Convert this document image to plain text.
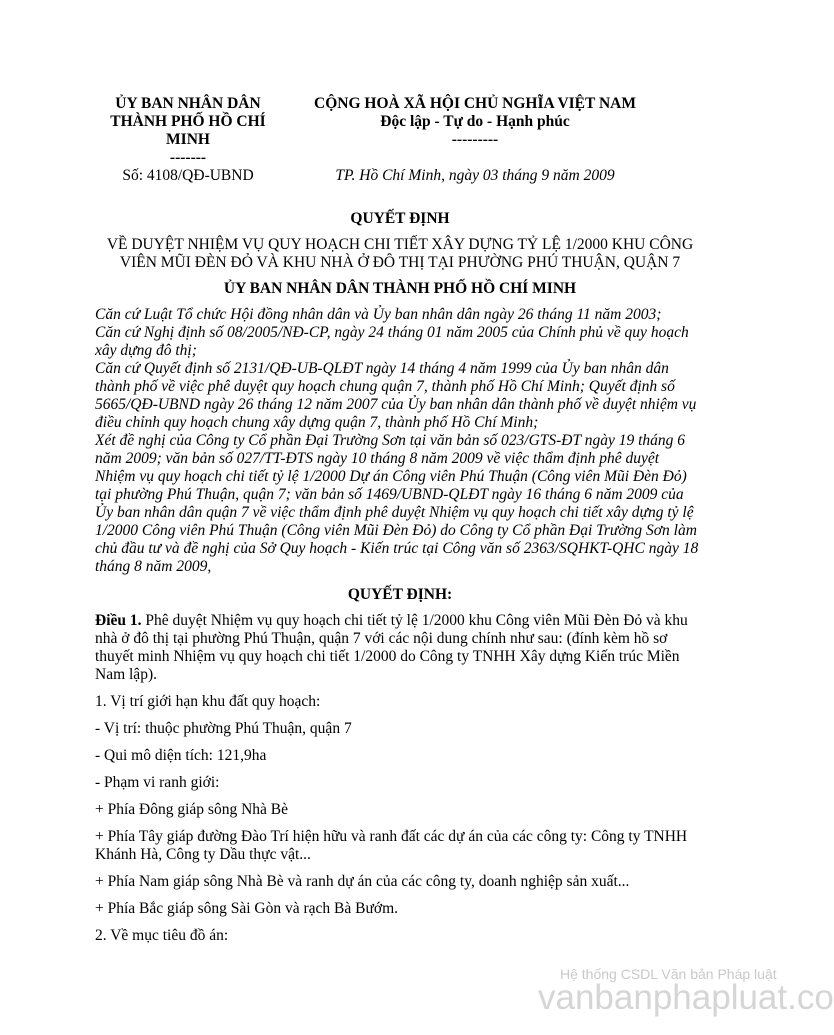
ỦY BAN NHÂN DÂN
THÀNH PHỐ HỒ CHÍ
MINH
-------
Số: 4108/QĐ-UBND
CỘNG HOÀ XÃ HỘI CHỦ NGHĨA VIỆT NAM
Độc lập - Tự do - Hạnh phúc
---------
TP. Hồ Chí Minh, ngày 03 tháng 9 năm 2009
QUYẾT ĐỊNH
VỀ DUYỆT NHIỆM VỤ QUY HOẠCH CHI TIẾT XÂY DỰNG TỶ LỆ 1/2000 KHU CÔNG
VIÊN MŨI ĐÈN ĐỎ VÀ KHU NHÀ Ở ĐÔ THỊ TẠI PHƯỜNG PHÚ THUẬN, QUẬN 7
ỦY BAN NHÂN DÂN THÀNH PHỐ HỒ CHÍ MINH

Căn cứ Luật Tổ chức Hội đồng nhân dân và Ủy ban nhân dân ngày 26 tháng 11 năm 2003;

Căn cứ Nghị định số 08/2005/NĐ-CP, ngày 24 tháng 01 năm 2005 của Chính phủ về quy hoạch xây dựng đô thị;

Căn cứ Quyết định số 2131/QĐ-UB-QLĐT ngày 14 tháng 4 năm 1999 của Ủy ban nhân dân thành phố về việc phê duyệt quy hoạch chung quận 7, thành phố Hồ Chí Minh; Quyết định số 5665/QĐ-UBND ngày 26 tháng 12 năm 2007 của Ủy ban nhân dân thành phố về duyệt nhiệm vụ điều chỉnh quy hoạch chung xây dựng quận 7, thành phố Hồ Chí Minh;

Xét đề nghị của Công ty Cổ phần Đại Trường Sơn tại văn bản số 023/GTS-ĐT ngày 19 tháng 6 năm 2009; văn bản số 027/TT-ĐTS ngày 10 tháng 8 năm 2009 về việc thẩm định phê duyệt Nhiệm vụ quy hoạch chi tiết tỷ lệ 1/2000 Dự án Công viên Phú Thuận (Công viên Mũi Đèn Đỏ) tại phường Phú Thuận, quận 7; văn bản số 1469/UBND-QLĐT ngày 16 tháng 6 năm 2009 của Ủy ban nhân dân quận 7 về việc thẩm định phê duyệt Nhiệm vụ quy hoạch chi tiết xây dựng tỷ lệ 1/2000 Công viên Phú Thuận (Công viên Mũi Đèn Đỏ) do Công ty Cổ phần Đại Trường Sơn làm chủ đầu tư và đề nghị của Sở Quy hoạch - Kiến trúc tại Công văn số 2363/SQHKT-QHC ngày 18 tháng 8 năm 2009,

QUYẾT ĐỊNH:

Điều 1. Phê duyệt Nhiệm vụ quy hoạch chi tiết tỷ lệ 1/2000 khu Công viên Mũi Đèn Đỏ và khu nhà ở đô thị tại phường Phú Thuận, quận 7 với các nội dung chính như sau: (đính kèm hồ sơ thuyết minh Nhiệm vụ quy hoạch chi tiết 1/2000 do Công ty TNHH Xây dựng Kiến trúc Miền Nam lập).

1. Vị trí giới hạn khu đất quy hoạch:

- Vị trí: thuộc phường Phú Thuận, quận 7

- Qui mô diện tích: 121,9ha

- Phạm vi ranh giới:

+ Phía Đông giáp sông Nhà Bè

+ Phía Tây giáp đường Đào Trí hiện hữu và ranh đất các dự án của các công ty: Công ty TNHH Khánh Hà, Công ty Dầu thực vật...

+ Phía Nam giáp sông Nhà Bè và ranh dự án của các công ty, doanh nghiệp sản xuất...

+ Phía Bắc giáp sông Sài Gòn và rạch Bà Bướm.

2. Về mục tiêu đồ án:

Hệ thống CSDL Văn bản Pháp luật
vanbanphapluat.co
